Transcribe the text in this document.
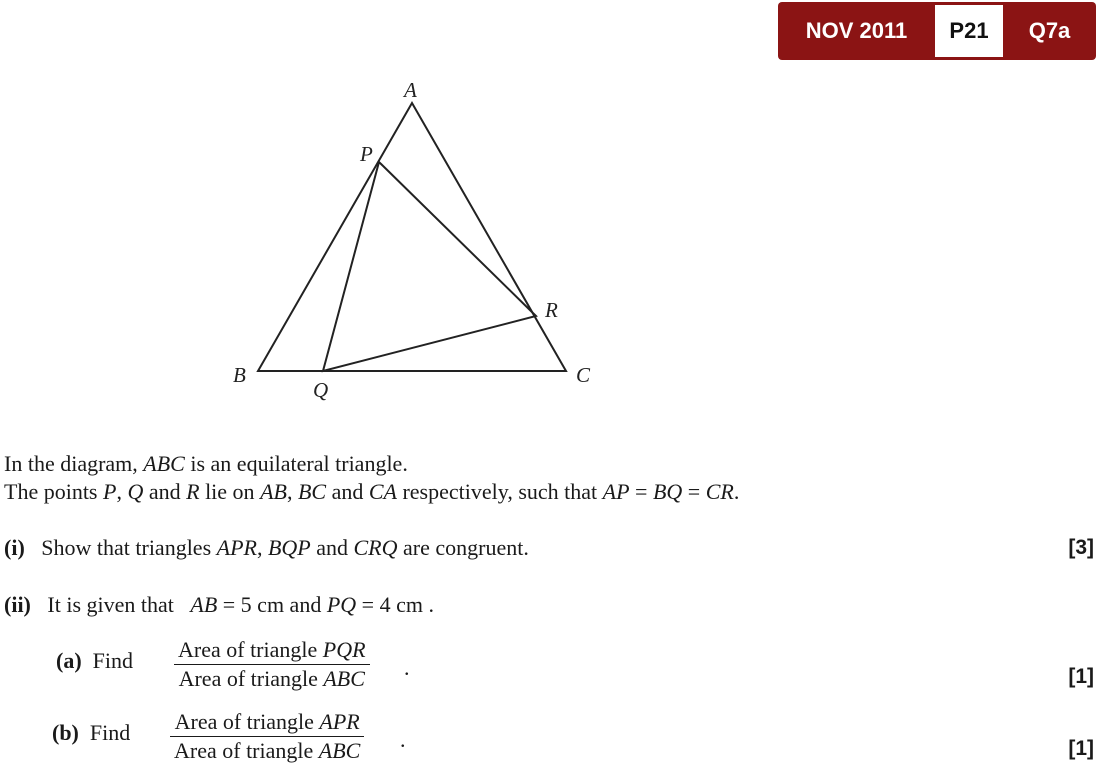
NOV 2011	P21	Q7a
A
B	C
P
Q
R
In the diagram, ABC is an equilateral triangle.
The points P, Q and R lie on AB, BC and CA respectively, such that AP = BQ = CR.
(i) Show that triangles APR, BQP and CRQ are congruent.	[3]
(ii) It is given that AB = 5 cm and PQ = 4 cm .
(a) Find Area of triangle PQR
Area of triangle ABC .	[1]
(b) Find Area of triangle APR
Area of triangle ABC .	[1]
